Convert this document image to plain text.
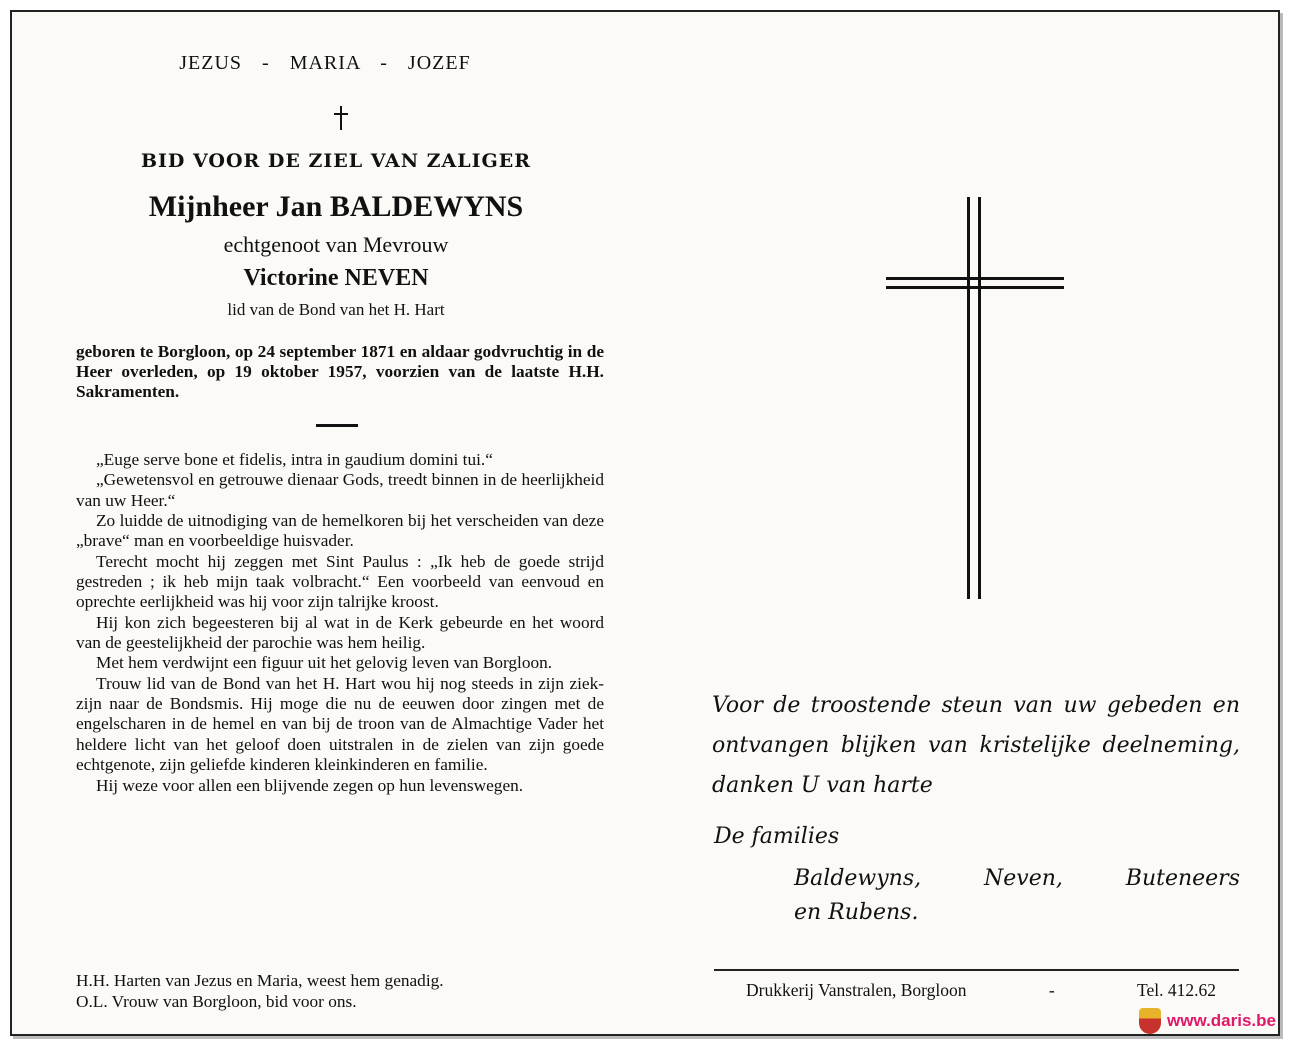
JEZUS - MARIA - JOZEF
BID VOOR DE ZIEL VAN ZALIGER
Mijnheer Jan BALDEWYNS
echtgenoot van Mevrouw
Victorine NEVEN
lid van de Bond van het H. Hart
geboren te Borgloon, op 24 september 1871 en aldaar godvruchtig in de Heer overleden, op 19 oktober 1957, voorzien van de laatste H.H. Sakramenten.

„Euge serve bone et fidelis, intra in gaudium domini tui.“

„Gewetensvol en getrouwe dienaar Gods, treedt binnen in de heerlijkheid van uw Heer.“

Zo luidde de uitnodiging van de hemelkoren bij het verscheiden van deze „brave“ man en voorbeeldige huisvader.

Terecht mocht hij zeggen met Sint Paulus : „Ik heb de goede strijd gestreden ; ik heb mijn taak volbracht.“ Een voorbeeld van eenvoud en oprechte eerlijkheid was hij voor zijn talrijke kroost.

Hij kon zich begeesteren bij al wat in de Kerk gebeurde en het woord van de geestelijkheid der parochie was hem heilig.

Met hem verdwijnt een figuur uit het gelovig leven van Borgloon.

Trouw lid van de Bond van het H. Hart wou hij nog steeds in zijn ziek-zijn naar de Bondsmis. Hij moge die nu de eeuwen door zingen met de engelscharen in de hemel en van bij de troon van de Almachtige Vader het heldere licht van het geloof doen uitstralen in de zielen van zijn goede echtgenote, zijn geliefde kinderen kleinkinderen en familie.

Hij weze voor allen een blijvende zegen op hun levenswegen.

H.H. Harten van Jezus en Maria, weest hem genadig.
O.L. Vrouw van Borgloon, bid voor ons.
Voor de troostende steun van uw gebeden en ontvangen blijken van kristelijke deelneming, danken U van harte
De families
Baldewyns,	Neven,	Buteneers
en Rubens.
Drukkerij Vanstralen, Borgloon	-	Tel. 412.62
www.daris.be
